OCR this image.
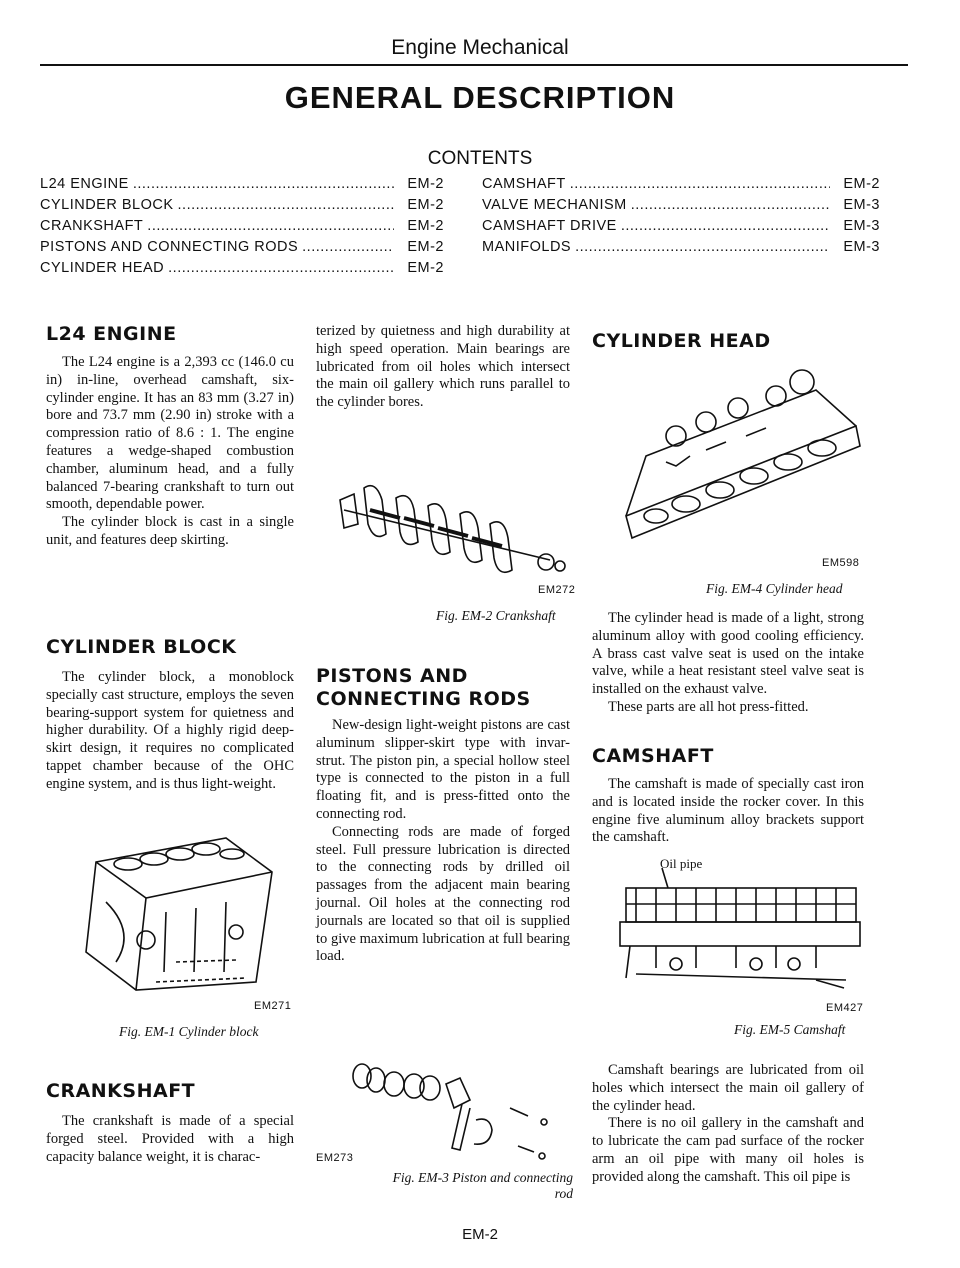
Engine Mechanical
GENERAL DESCRIPTION
CONTENTS
L24 ENGINE .....	EM-2
CYLINDER BLOCK .....	EM-2
CRANKSHAFT .....	EM-2
PISTONS AND CONNECTING RODS .....	EM-2
CYLINDER HEAD .....	EM-2
CAMSHAFT .....	EM-2
VALVE MECHANISM .....	EM-3
CAMSHAFT DRIVE .....	EM-3
MANIFOLDS .....	EM-3
L24 ENGINE

The L24 engine is a 2,393 cc (146.0 cu in) in-line, overhead camshaft, six-cylinder engine. It has an 83 mm (3.27 in) bore and 73.7 mm (2.90 in) stroke with a compression ratio of 8.6 : 1. The engine features a wedge-shaped combustion chamber, aluminum head, and a fully balanced 7-bearing crankshaft to turn out smooth, dependable power.

The cylinder block is cast in a single unit, and features deep skirting.

CYLINDER BLOCK

The cylinder block, a monoblock specially cast structure, employs the seven bearing-support system for quietness and higher durability. Of a highly rigid deep-skirt design, it requires no complicated tappet chamber because of the OHC engine system, and is thus light-weight.

EM271
Fig. EM-1 Cylinder block
CRANKSHAFT

The crankshaft is made of a special forged steel. Provided with a high capacity balance weight, it is charac-

terized by quietness and high durability at high speed operation. Main bearings are lubricated from oil holes which intersect the main oil gallery which runs parallel to the cylinder bores.

EM272
Fig. EM-2 Crankshaft
PISTONS AND
CONNECTING RODS

New-design light-weight pistons are cast aluminum slipper-skirt type with invar-strut. The piston pin, a special hollow steel type is connected to the piston in a full floating fit, and is press-fitted onto the connecting rod.

Connecting rods are made of forged steel. Full pressure lubrication is directed to the connecting rods by drilled oil passages from the adjacent main bearing journal. Oil holes at the connecting rod journals are located so that oil is supplied to give maximum lubrication at full bearing load.

EM273
Fig. EM-3 Piston and connecting
rod
CYLINDER HEAD
EM598
Fig. EM-4 Cylinder head

The cylinder head is made of a light, strong aluminum alloy with good cooling efficiency. A brass cast valve seat is used on the intake valve, while a heat resistant steel valve seat is installed on the exhaust valve.

These parts are all hot press-fitted.

CAMSHAFT

The camshaft is made of specially cast iron and is located inside the rocker cover. In this engine five aluminum alloy brackets support the camshaft.

Oil pipe
EM427
Fig. EM-5 Camshaft

Camshaft bearings are lubricated from oil holes which intersect the main oil gallery of the cylinder head.

There is no oil gallery in the camshaft and to lubricate the cam pad surface of the rocker arm an oil pipe with many oil holes is provided along the camshaft. This oil pipe is

EM-2
